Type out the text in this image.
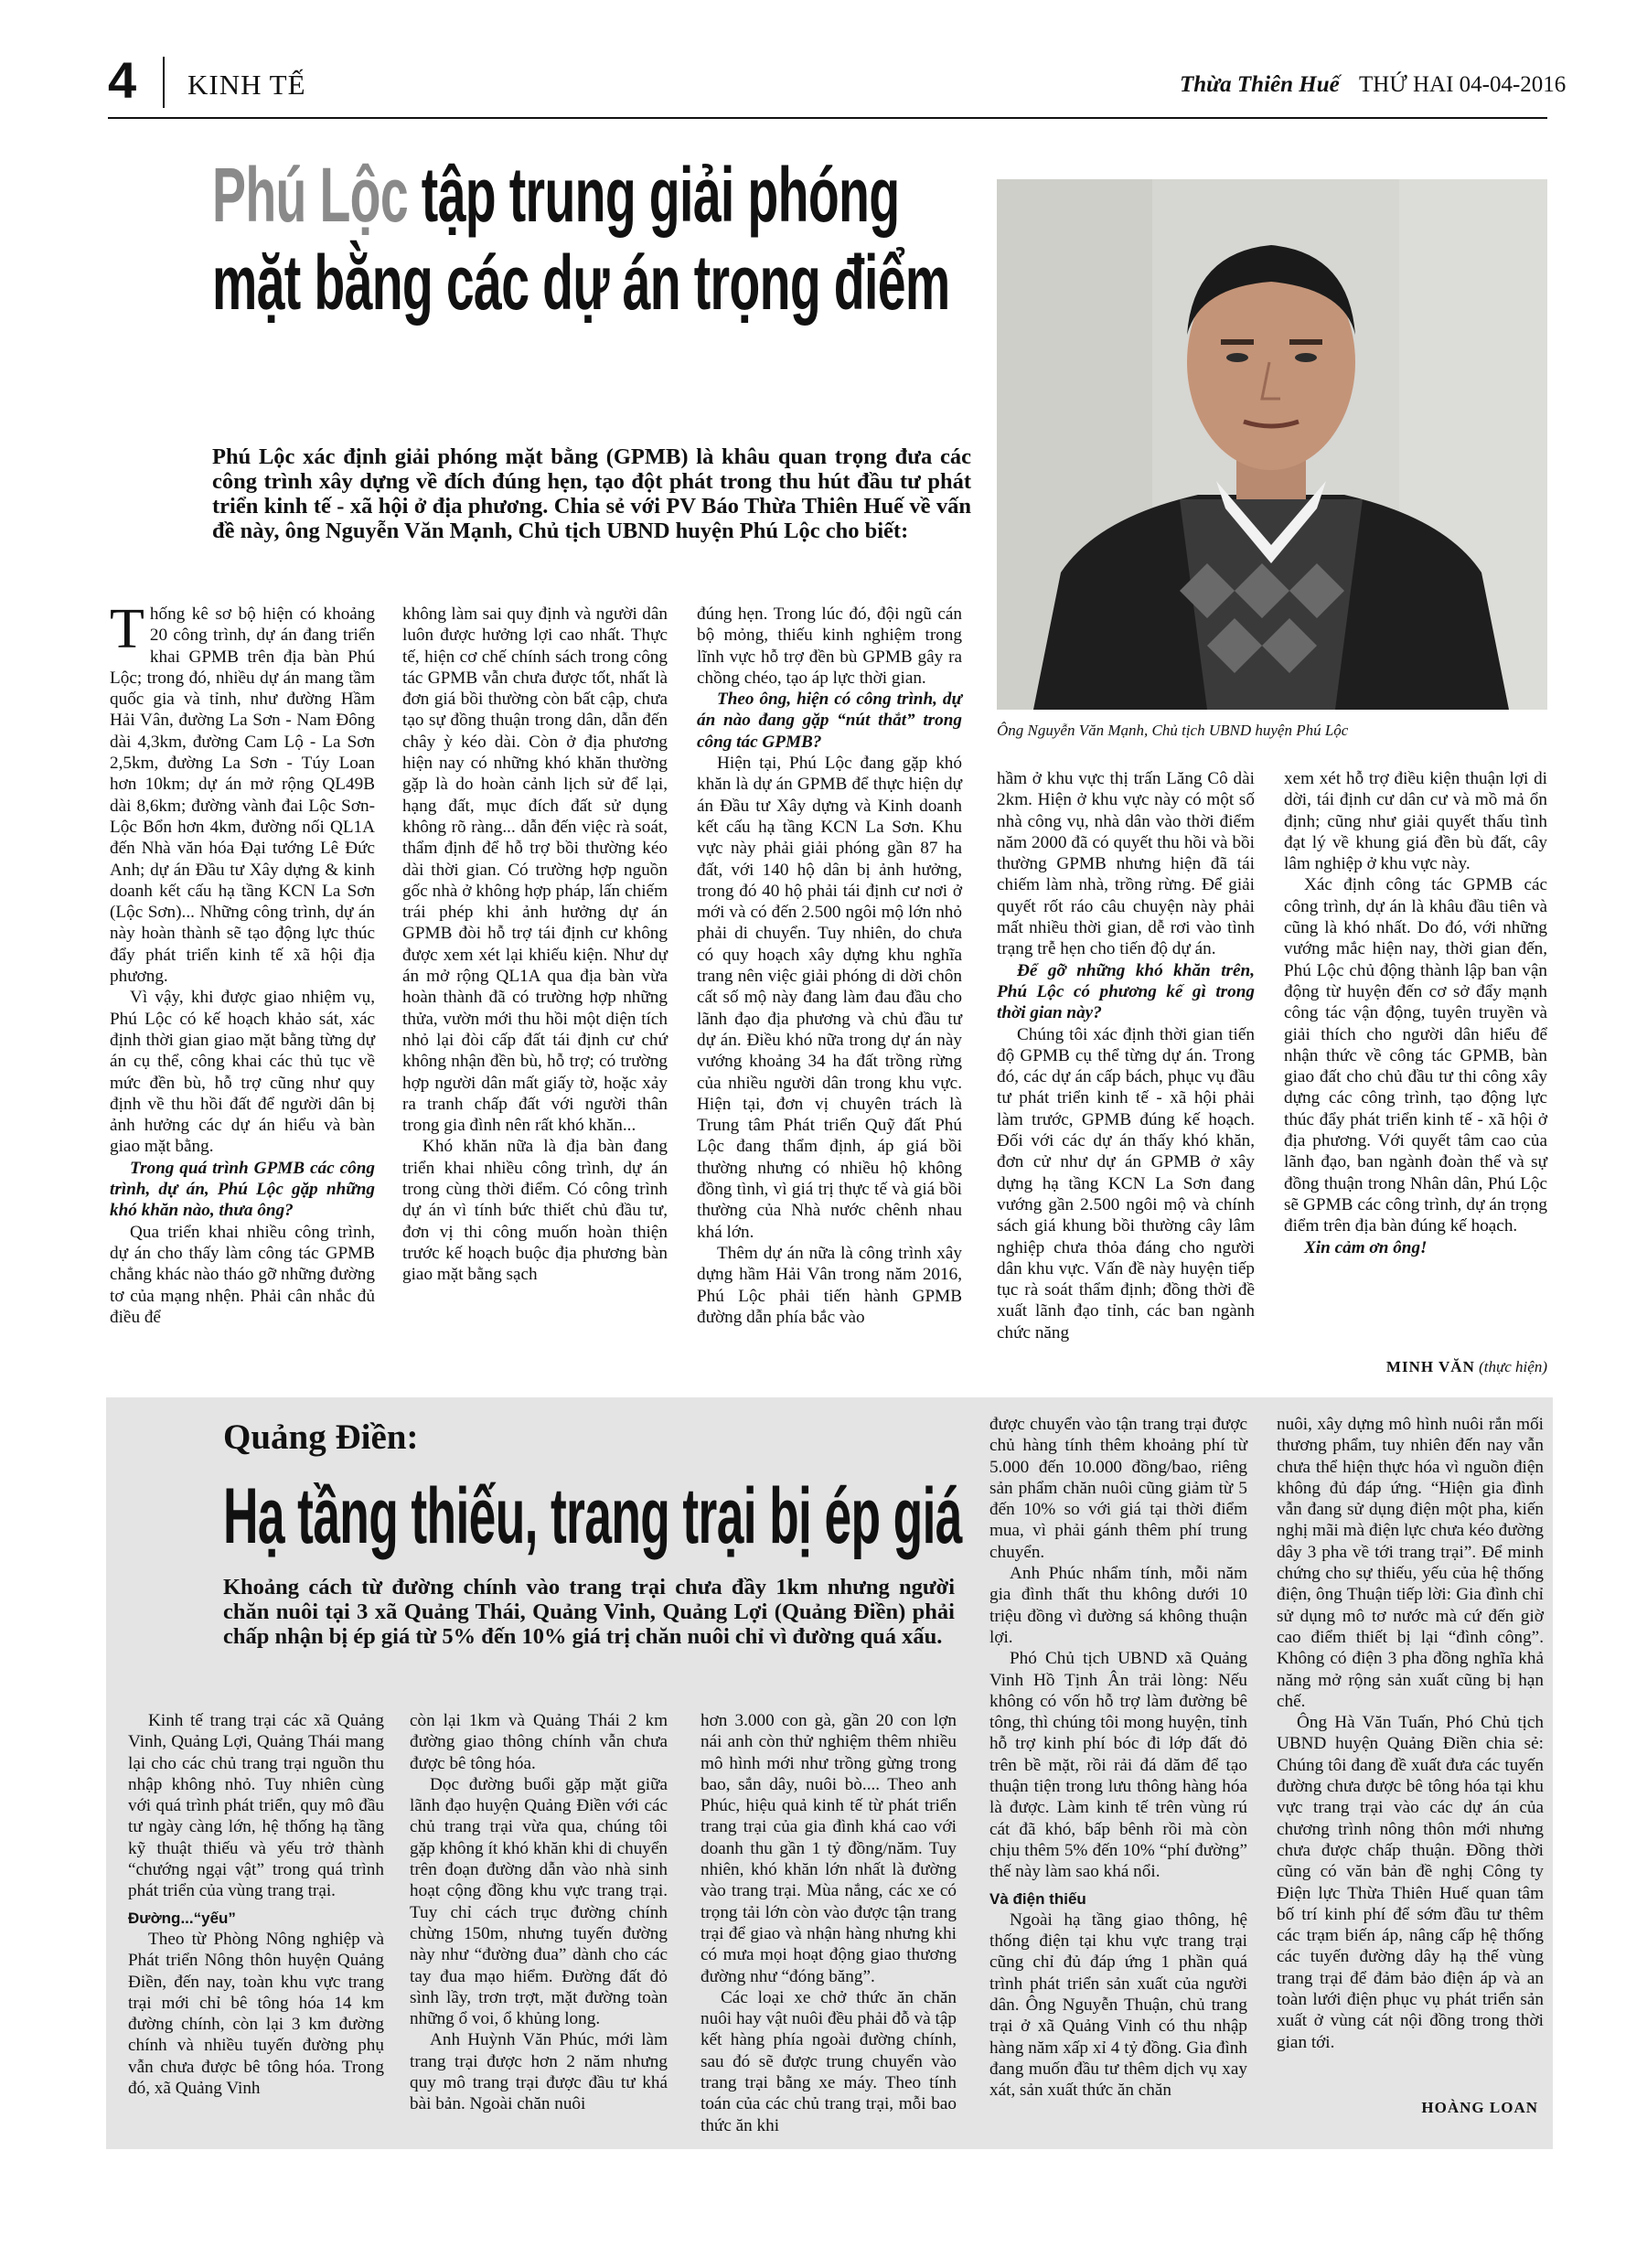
4 KINH TẾ	Thừa Thiên Huế THỨ HAI 04-04-2016
Phú Lộc tập trung giải phóng
mặt bằng các dự án trọng điểm
Ông Nguyễn Văn Mạnh, Chủ tịch UBND huyện Phú Lộc
Phú Lộc xác định giải phóng mặt bằng (GPMB) là khâu quan trọng đưa các công trình xây dựng về đích đúng hẹn, tạo đột phát trong thu hút đầu tư phát triển kinh tế - xã hội ở địa phương. Chia sẻ với PV Báo Thừa Thiên Huế về vấn đề này, ông Nguyễn Văn Mạnh, Chủ tịch UBND huyện Phú Lộc cho biết:

Thống kê sơ bộ hiện có khoảng 20 công trình, dự án đang triển khai GPMB trên địa bàn Phú Lộc; trong đó, nhiều dự án mang tầm quốc gia và tỉnh, như đường Hầm Hải Vân, đường La Sơn - Nam Đông dài 4,3km, đường Cam Lộ - La Sơn 2,5km, đường La Sơn - Túy Loan hơn 10km; dự án mở rộng QL49B dài 8,6km; đường vành đai Lộc Sơn-Lộc Bổn hơn 4km, đường nối QL1A đến Nhà văn hóa Đại tướng Lê Đức Anh; dự án Đầu tư Xây dựng & kinh doanh kết cấu hạ tầng KCN La Sơn (Lộc Sơn)... Những công trình, dự án này hoàn thành sẽ tạo động lực thúc đẩy phát triển kinh tế xã hội địa phương.

Vì vậy, khi được giao nhiệm vụ, Phú Lộc có kế hoạch khảo sát, xác định thời gian giao mặt bằng từng dự án cụ thể, công khai các thủ tục về mức đền bù, hỗ trợ cũng như quy định về thu hồi đất để người dân bị ảnh hưởng các dự án hiểu và bàn giao mặt bằng.

Trong quá trình GPMB các công trình, dự án, Phú Lộc gặp những khó khăn nào, thưa ông?

Qua triển khai nhiều công trình, dự án cho thấy làm công tác GPMB chẳng khác nào tháo gỡ những đường tơ của mạng nhện. Phải cân nhắc đủ điều để

không làm sai quy định và người dân luôn được hưởng lợi cao nhất. Thực tế, hiện cơ chế chính sách trong công tác GPMB vẫn chưa được tốt, nhất là đơn giá bồi thường còn bất cập, chưa tạo sự đồng thuận trong dân, dẫn đến chây ỳ kéo dài. Còn ở địa phương hiện nay có những khó khăn thường gặp là do hoàn cảnh lịch sử để lại, hạng đất, mục đích đất sử dụng không rõ ràng... dẫn đến việc rà soát, thẩm định để hỗ trợ bồi thường kéo dài thời gian. Có trường hợp nguồn gốc nhà ở không hợp pháp, lấn chiếm trái phép khi ảnh hưởng dự án GPMB đòi hỗ trợ tái định cư không được xem xét lại khiếu kiện. Như dự án mở rộng QL1A qua địa bàn vừa hoàn thành đã có trường hợp những thửa, vườn mới thu hồi một diện tích nhỏ lại đòi cấp đất tái định cư chứ không nhận đền bù, hỗ trợ; có trường hợp người dân mất giấy tờ, hoặc xảy ra tranh chấp đất với người thân trong gia đình nên rất khó khăn...

Khó khăn nữa là địa bàn đang triển khai nhiều công trình, dự án trong cùng thời điểm. Có công trình dự án vì tính bức thiết chủ đầu tư, đơn vị thi công muốn hoàn thiện trước kế hoạch buộc địa phương bàn giao mặt bằng sạch

đúng hẹn. Trong lúc đó, đội ngũ cán bộ mỏng, thiếu kinh nghiệm trong lĩnh vực hỗ trợ đền bù GPMB gây ra chồng chéo, tạo áp lực thời gian.

Theo ông, hiện có công trình, dự án nào đang gặp “nút thắt” trong công tác GPMB?

Hiện tại, Phú Lộc đang gặp khó khăn là dự án GPMB để thực hiện dự án Đầu tư Xây dựng và Kinh doanh kết cấu hạ tầng KCN La Sơn. Khu vực này phải giải phóng gần 87 ha đất, với 140 hộ dân bị ảnh hưởng, trong đó 40 hộ phải tái định cư nơi ở mới và có đến 2.500 ngôi mộ lớn nhỏ phải di chuyển. Tuy nhiên, do chưa có quy hoạch xây dựng khu nghĩa trang nên việc giải phóng di dời chôn cất số mộ này đang làm đau đầu cho lãnh đạo địa phương và chủ đầu tư dự án. Điều khó nữa trong dự án này vướng khoảng 34 ha đất trồng rừng của nhiều người dân trong khu vực. Hiện tại, đơn vị chuyên trách là Trung tâm Phát triển Quỹ đất Phú Lộc đang thẩm định, áp giá bồi thường nhưng có nhiều hộ không đồng tình, vì giá trị thực tế và giá bồi thường của Nhà nước chênh nhau khá lớn.

Thêm dự án nữa là công trình xây dựng hầm Hải Vân trong năm 2016, Phú Lộc phải tiến hành GPMB đường dẫn phía bắc vào

hầm ở khu vực thị trấn Lăng Cô dài 2km. Hiện ở khu vực này có một số nhà công vụ, nhà dân vào thời điểm năm 2000 đã có quyết thu hồi và bồi thường GPMB nhưng hiện đã tái chiếm làm nhà, trồng rừng. Để giải quyết rốt ráo câu chuyện này phải mất nhiều thời gian, dễ rơi vào tình trạng trễ hẹn cho tiến độ dự án.

Để gỡ những khó khăn trên, Phú Lộc có phương kế gì trong thời gian này?

Chúng tôi xác định thời gian tiến độ GPMB cụ thể từng dự án. Trong đó, các dự án cấp bách, phục vụ đầu tư phát triển kinh tế - xã hội phải làm trước, GPMB đúng kế hoạch. Đối với các dự án thấy khó khăn, đơn cử như dự án GPMB ở xây dựng hạ tầng KCN La Sơn đang vướng gần 2.500 ngôi mộ và chính sách giá khung bồi thường cây lâm nghiệp chưa thỏa đáng cho người dân khu vực. Vấn đề này huyện tiếp tục rà soát thẩm định; đồng thời đề xuất lãnh đạo tỉnh, các ban ngành chức năng

xem xét hỗ trợ điều kiện thuận lợi di dời, tái định cư dân cư và mồ mả ổn định; cũng như giải quyết thấu tình đạt lý về khung giá đền bù đất, cây lâm nghiệp ở khu vực này.

Xác định công tác GPMB các công trình, dự án là khâu đầu tiên và cũng là khó nhất. Do đó, với những vướng mắc hiện nay, thời gian đến, Phú Lộc chủ động thành lập ban vận động từ huyện đến cơ sở đẩy mạnh công tác vận động, tuyên truyền và giải thích cho người dân hiểu để nhận thức về công tác GPMB, bàn giao đất cho chủ đầu tư thi công xây dựng các công trình, tạo động lực thúc đẩy phát triển kinh tế - xã hội ở địa phương. Với quyết tâm cao của lãnh đạo, ban ngành đoàn thể và sự đồng thuận trong Nhân dân, Phú Lộc sẽ GPMB các công trình, dự án trọng điểm trên địa bàn đúng kế hoạch.

Xin cảm ơn ông!

MINH VĂN (thực hiện)
Quảng Điền:
Hạ tầng thiếu, trang trại bị ép giá
Khoảng cách từ đường chính vào trang trại chưa đầy 1km nhưng người chăn nuôi tại 3 xã Quảng Thái, Quảng Vinh, Quảng Lợi (Quảng Điền) phải chấp nhận bị ép giá từ 5% đến 10% giá trị chăn nuôi chỉ vì đường quá xấu.

Kinh tế trang trại các xã Quảng Vinh, Quảng Lợi, Quảng Thái mang lại cho các chủ trang trại nguồn thu nhập không nhỏ. Tuy nhiên cùng với quá trình phát triển, quy mô đầu tư ngày càng lớn, hệ thống hạ tầng kỹ thuật thiếu và yếu trở thành “chướng ngại vật” trong quá trình phát triển của vùng trang trại.

Đường...“yếu”

Theo từ Phòng Nông nghiệp và Phát triển Nông thôn huyện Quảng Điền, đến nay, toàn khu vực trang trại mới chỉ bê tông hóa 14 km đường chính, còn lại 3 km đường chính và nhiều tuyến đường phụ vẫn chưa được bê tông hóa. Trong đó, xã Quảng Vinh

còn lại 1km và Quảng Thái 2 km đường giao thông chính vẫn chưa được bê tông hóa.

Dọc đường buổi gặp mặt giữa lãnh đạo huyện Quảng Điền với các chủ trang trại vừa qua, chúng tôi gặp không ít khó khăn khi di chuyển trên đoạn đường dẫn vào nhà sinh hoạt cộng đồng khu vực trang trại. Tuy chỉ cách trục đường chính chừng 150m, nhưng tuyến đường này như “đường đua” dành cho các tay đua mạo hiểm. Đường đất đỏ sình lầy, trơn trợt, mặt đường toàn những ổ voi, ổ khủng long.

Anh Huỳnh Văn Phúc, mới làm trang trại được hơn 2 năm nhưng quy mô trang trại được đầu tư khá bài bản. Ngoài chăn nuôi

hơn 3.000 con gà, gần 20 con lợn nái anh còn thử nghiệm thêm nhiều mô hình mới như trồng gừng trong bao, sắn dây, nuôi bò.... Theo anh Phúc, hiệu quả kinh tế từ phát triển trang trại của gia đình khá cao với doanh thu gần 1 tỷ đồng/năm. Tuy nhiên, khó khăn lớn nhất là đường vào trang trại. Mùa nắng, các xe có trọng tải lớn còn vào được tận trang trại để giao và nhận hàng nhưng khi có mưa mọi hoạt động giao thương đường như “đóng băng”.

Các loại xe chở thức ăn chăn nuôi hay vật nuôi đều phải đỗ và tập kết hàng phía ngoài đường chính, sau đó sẽ được trung chuyển vào trang trại bằng xe máy. Theo tính toán của các chủ trang trại, mỗi bao thức ăn khi

được chuyển vào tận trang trại được chủ hàng tính thêm khoảng phí từ 5.000 đến 10.000 đồng/bao, riêng sản phẩm chăn nuôi cũng giảm từ 5 đến 10% so với giá tại thời điểm mua, vì phải gánh thêm phí trung chuyển.

Anh Phúc nhẩm tính, mỗi năm gia đình thất thu không dưới 10 triệu đồng vì đường sá không thuận lợi.

Phó Chủ tịch UBND xã Quảng Vinh Hồ Tịnh Ân trải lòng: Nếu không có vốn hỗ trợ làm đường bê tông, thì chúng tôi mong huyện, tỉnh hỗ trợ kinh phí bóc đi lớp đất đỏ trên bề mặt, rồi rải đá dăm để tạo thuận tiện trong lưu thông hàng hóa là được. Làm kinh tế trên vùng rú cát đã khó, bấp bênh rồi mà còn chịu thêm 5% đến 10% “phí đường” thế này làm sao khá nổi.

Và điện thiếu

Ngoài hạ tầng giao thông, hệ thống điện tại khu vực trang trại cũng chỉ đủ đáp ứng 1 phần quá trình phát triển sản xuất của người dân. Ông Nguyễn Thuận, chủ trang trại ở xã Quảng Vinh có thu nhập hàng năm xấp xỉ 4 tỷ đồng. Gia đình đang muốn đầu tư thêm dịch vụ xay xát, sản xuất thức ăn chăn

nuôi, xây dựng mô hình nuôi rắn mối thương phẩm, tuy nhiên đến nay vẫn chưa thể hiện thực hóa vì nguồn điện không đủ đáp ứng. “Hiện gia đình vẫn đang sử dụng điện một pha, kiến nghị mãi mà điện lực chưa kéo đường dây 3 pha về tới trang trại”. Để minh chứng cho sự thiếu, yếu của hệ thống điện, ông Thuận tiếp lời: Gia đình chỉ sử dụng mô tơ nước mà cứ đến giờ cao điểm thiết bị lại “đình công”. Không có điện 3 pha đồng nghĩa khả năng mở rộng sản xuất cũng bị hạn chế.

Ông Hà Văn Tuấn, Phó Chủ tịch UBND huyện Quảng Điền chia sẻ: Chúng tôi đang đề xuất đưa các tuyến đường chưa được bê tông hóa tại khu vực trang trại vào các dự án của chương trình nông thôn mới nhưng chưa được chấp thuận. Đồng thời cũng có văn bản đề nghị Công ty Điện lực Thừa Thiên Huế quan tâm bố trí kinh phí để sớm đầu tư thêm các trạm biến áp, nâng cấp hệ thống các tuyến đường dây hạ thế vùng trang trại để đảm bảo điện áp và an toàn lưới điện phục vụ phát triển sản xuất ở vùng cát nội đồng trong thời gian tới.

HOÀNG LOAN
